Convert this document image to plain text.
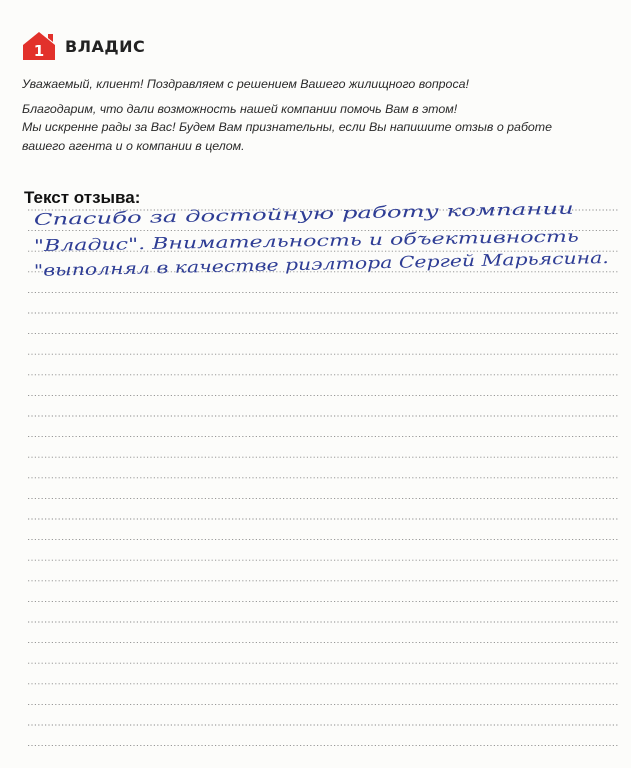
1 ВЛАДИС

Уважаемый, клиент! Поздравляем с решением Вашего жилищного вопроса!

Благодарим, что дали возможность нашей компании помочь Вам в этом!

Мы искренне рады за Вас! Будем Вам признательны, если Вы напишите отзыв о работе

вашего агента и о компании в целом.

Текст отзыва:
Спасибо за достойную работу компании
"Владис". Внимательность и объективность
"выполнял в качестве риэлтора Сергей Марьясина.
